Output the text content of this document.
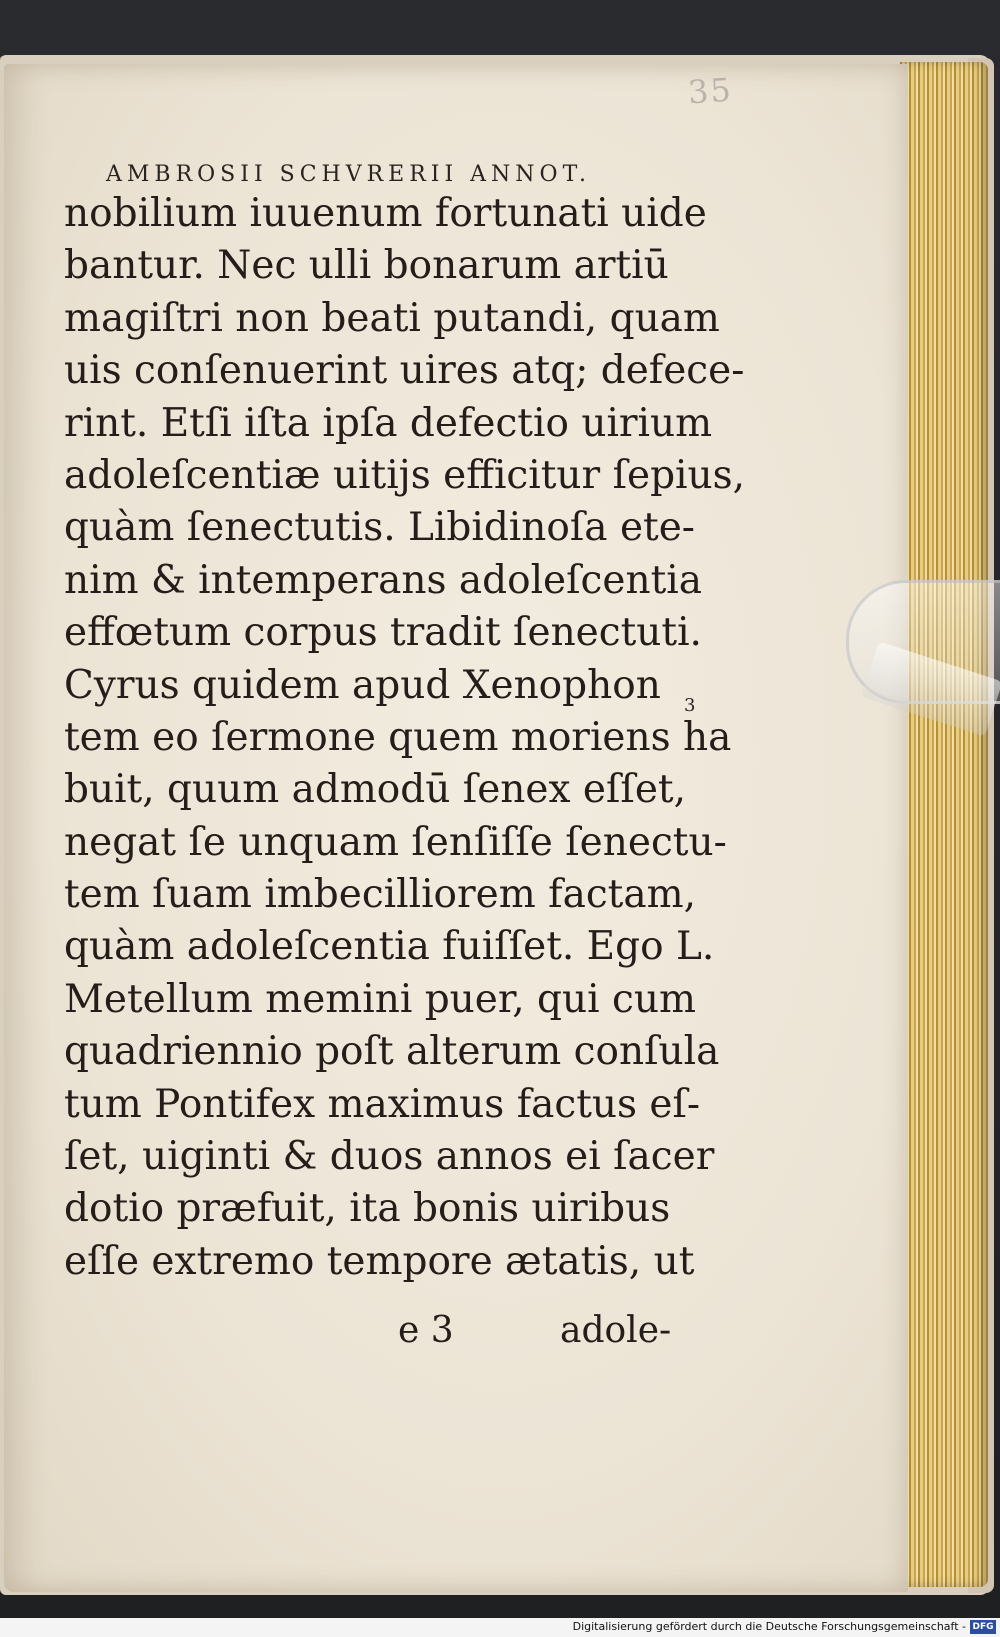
35
AMBROSII SCHVRERII ANNOT.
nobilium iuuenum fortunati uide
bantur. Nec ulli bonarum artiū
magiſtri non beati putandi, quam
uis conſenuerint uires atq; defece-
rint. Etſi iſta ipſa defectio uirium
adoleſcentiæ uitijs efficitur ſepius,
quàm ſenectutis. Libidinoſa ete-
nim & intemperans adoleſcentia
effœtum corpus tradit ſenectuti.
Cyrus quidem apud Xenophon
tem eo ſermone quem moriens ha
buit, quum admodū ſenex eſſet,
negat ſe unquam ſenſiſſe ſenectu-
tem ſuam imbecilliorem factam,
quàm adoleſcentia fuiſſet. Ego L.
Metellum memini puer, qui cum
quadriennio poſt alterum conſula
tum Pontifex maximus factus eſ-
ſet, uiginti & duos annos ei ſacer
dotio præfuit, ita bonis uiribus
eſſe extremo tempore ætatis, ut
3
e 3	adole-
Digitalisierung gefördert durch die Deutsche Forschungsgemeinschaft - DFG
